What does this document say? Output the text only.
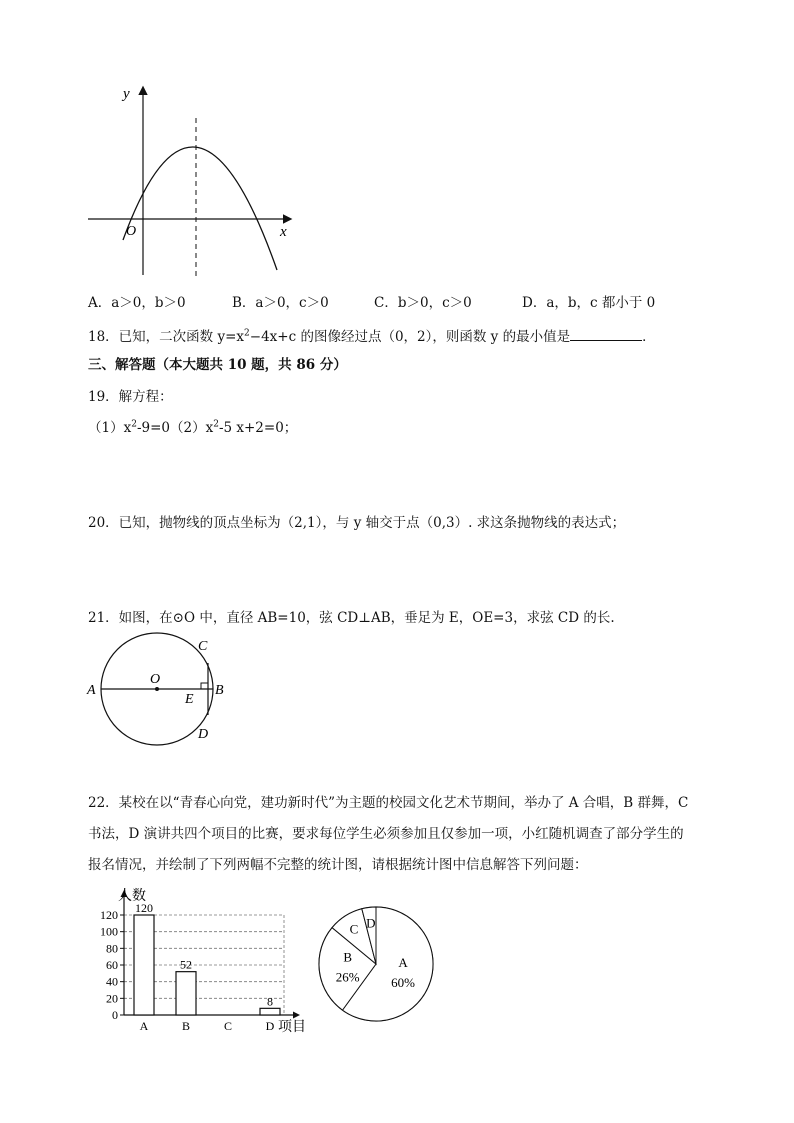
y
x
O
A．a＞0，b＞0	B．a＞0，c＞0	C．b＞0，c＞0	D．a，b，c 都小于 0
18．已知，二次函数 $y=x^2-4x+c$ 的图像经过点（0，2），则函数 y 的最小值是	．
三、解答题（本大题共 10 题，共 86 分）
19．解方程：
$(1)x^2-9=0(2)x^2-5$ x+2=0；
20．已知，抛物线的顶点坐标为（2,1），与 y 轴交于点（0,3）. 求这条抛物线的表达式；
21．如图，在⊙O 中，直径 AB=10，弦 CD⊥AB，垂足为 E，OE=3，求弦 CD 的长.
A	B
C
D
E
O
22．某校在以“青春心向党，建功新时代”为主题的校园文化艺术节期间，举办了 A 合唱，B 群舞，C
书法，D 演讲共四个项目的比赛，要求每位学生必须参加且仅参加一项，小红随机调查了部分学生的
报名情况，并绘制了下列两幅不完整的统计图，请根据统计图中信息解答下列问题：
0
20
40
60
80
100
120
人数
项目
120
A
52
B	C
8
D
A
60%
B
26%
C D
